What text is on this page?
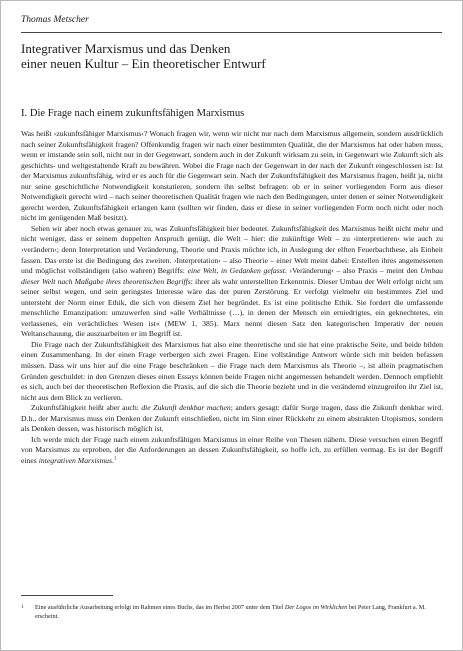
Thomas Metscher
Integrativer Marxismus und das Denken
einer neuen Kultur – Ein theoretischer Entwurf
I. Die Frage nach einem zukunftsfähigen Marxismus

Was heißt ›zukunftsfähiger Marxismus‹? Wonach fragen wir, wenn wir nicht nur nach dem Marxismus allgemein, sondern ausdrücklich nach seiner Zukunftsfähigkeit fragen? Offenkundig fragen wir nach einer bestimmten Qualität, die der Marxismus hat oder haben muss, wenn er imstande sein soll, nicht nur in der Gegenwart, sondern auch in der Zukunft wirksam zu sein, in Gegenwart wie Zukunft sich als geschichts- und weltgestaltende Kraft zu bewähren. Wobei die Frage nach der Gegenwart in der nach der Zukunft eingeschlossen ist: Ist der Marxismus zukunftsfähig, wird er es auch für die Gegenwart sein. Nach der Zukunftsfähigkeit des Marxismus fragen, heißt ja, nicht nur seine geschichtliche Notwendigkeit konstatieren, sondern ihn selbst befragen: ob er in seiner vorliegenden Form aus dieser Notwendigkeit gerecht wird – nach seiner theoretischen Qualität fragen wie nach den Bedingungen, unter denen er seiner Notwendigkeit gerecht werden, Zukunftsfähigkeit erlangen kann (sollten wir finden, dass er diese in seiner vorliegenden Form noch nicht oder noch nicht im genügenden Maß besitzt).

Sehen wir aber noch etwas genauer zu, was Zukunftsfähigkeit hier bedeutet. Zukunftsfähigkeit des Marxismus heißt nicht mehr und nicht weniger, dass er seinem doppelten Anspruch genügt, die Welt – hier: die zukünftige Welt – zu ›interpretieren‹ wie auch zu ›verändern‹; denn Interpretation und Veränderung, Theorie und Praxis möchte ich, in Auslegung der elften Feuerbachthese, als Einheit fassen. Das erste ist die Bedingung des zweiten. ›Interpretation‹ – also Theorie – einer Welt meint dabei: Erstellen ihres angemessenen und möglichst vollständigen (also wahren) Begriffs: eine Welt, in Gedanken gefasst. ›Veränderung‹ – also Praxis – meint den Umbau dieser Welt nach Maßgabe ihres theoretischen Begriffs: ihrer als wahr unterstellten Erkenntnis. Dieser Umbau der Welt erfolgt nicht um seiner selbst wegen, und sein geringstes Interesse wäre das der puren Zerstörung. Er verfolgt vielmehr ein bestimmtes Ziel und untersteht der Norm einer Ethik, die sich von diesem Ziel her begründet. Es ist eine politische Ethik. Sie fordert die umfassende menschliche Emanzipation: umzuwerfen sind »alle Verhältnisse (…), in denen der Mensch ein erniedrigtes, ein geknechtetes, ein verlassenes, ein verächtliches Wesen ist« (MEW 1, 385). Marx nennt diesen Satz den kategorischen Imperativ der neuen Weltanschauung, die auszuarbeiten er im Begriff ist.

Die Frage nach der Zukunftsfähigkeit des Marxismus hat also eine theoretische und sie hat eine praktische Seite, und beide bilden einen Zusammenhang. In der einen Frage verbergen sich zwei Fragen. Eine vollständige Antwort würde sich mit beiden befassen müssen. Dass wir uns hier auf die eine Frage beschränken – die Frage nach dem Marxismus als Theorie –, ist allein pragmatischen Gründen geschuldet: in den Grenzen dieses einen Essays können beide Fragen nicht angemessen behandelt werden. Dennoch empfiehlt es sich, auch bei der theoretischen Reflexion die Praxis, auf die sich die Theorie bezieht und in die verändernd einzugreifen ihr Ziel ist, nicht aus dem Blick zu verlieren.

Zukunftsfähigkeit heißt aber auch: die Zukunft denkbar machen; anders gesagt: dafür Sorge tragen, dass die Zukunft denkbar wird. D.h., der Marxismus muss ein Denken der Zukunft einschließen, nicht im Sinn einer Rückkehr zu einem abstrakten Utopismus, sondern als Denken dessen, was historisch möglich ist.

Ich werde mich der Frage nach einem zukunftsfähigen Marxismus in einer Reihe von Thesen nähern. Diese versuchen einen Begriff von Marxismus zu erproben, der die Anforderungen an dessen Zukunftsfähigkeit, so hoffe ich, zu erfüllen vermag. Es ist der Begriff eines integrativen Marxismus.$^1$

1 Eine ausführliche Ausarbeitung erfolgt im Rahmen eines Buchs, das im Herbst 2007 unter dem Titel Der Logos im Wirklichen bei Peter Lang, Frankfurt a. M. erscheint.
